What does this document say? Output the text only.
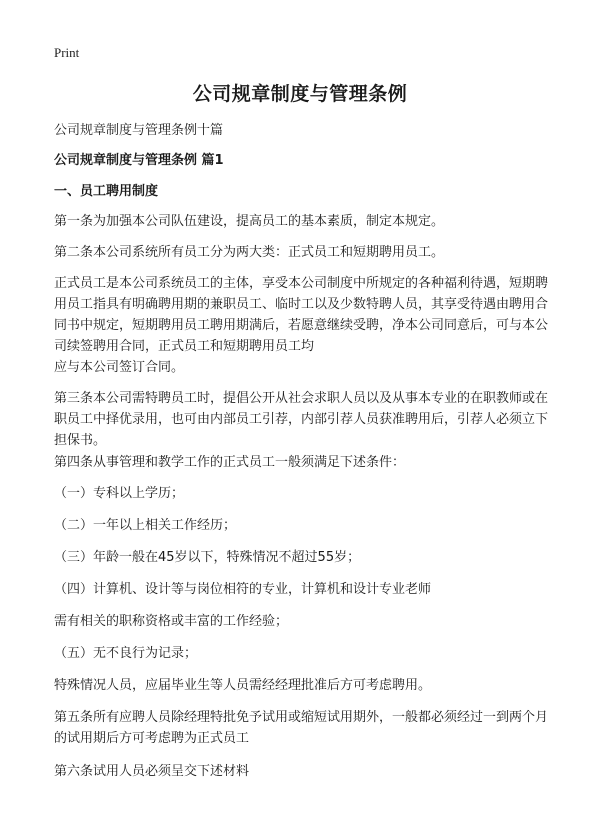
Print
公司规章制度与管理条例

公司规章制度与管理条例十篇

公司规章制度与管理条例 篇1

一、员工聘用制度

第一条为加强本公司队伍建设，提高员工的基本素质，制定本规定。

第二条本公司系统所有员工分为两大类：正式员工和短期聘用员工。

正式员工是本公司系统员工的主体，享受本公司制度中所规定的各种福利待遇，短期聘用员工指具有明确聘用期的兼职员工、临时工以及少数特聘人员，其享受待遇由聘用合同书中规定，短期聘用员工聘用期满后，若愿意继续受聘，净本公司同意后，可与本公司续签聘用合同，正式员工和短期聘用员工均

应与本公司签订合同。

第三条本公司需特聘员工时，提倡公开从社会求职人员以及从事本专业的在职教师或在职员工中择优录用，也可由内部员工引荐，内部引荐人员获准聘用后，引荐人必须立下担保书。

第四条从事管理和教学工作的正式员工一般须满足下述条件：

（一）专科以上学历；

（二）一年以上相关工作经历；

（三）年龄一般在45岁以下，特殊情况不超过55岁；

（四）计算机、设计等与岗位相符的专业，计算机和设计专业老师

需有相关的职称资格或丰富的工作经验；

（五）无不良行为记录；

特殊情况人员，应届毕业生等人员需经经理批准后方可考虑聘用。

第五条所有应聘人员除经理特批免予试用或缩短试用期外，一般都必须经过一到两个月的试用期后方可考虑聘为正式员工

第六条试用人员必须呈交下述材料
